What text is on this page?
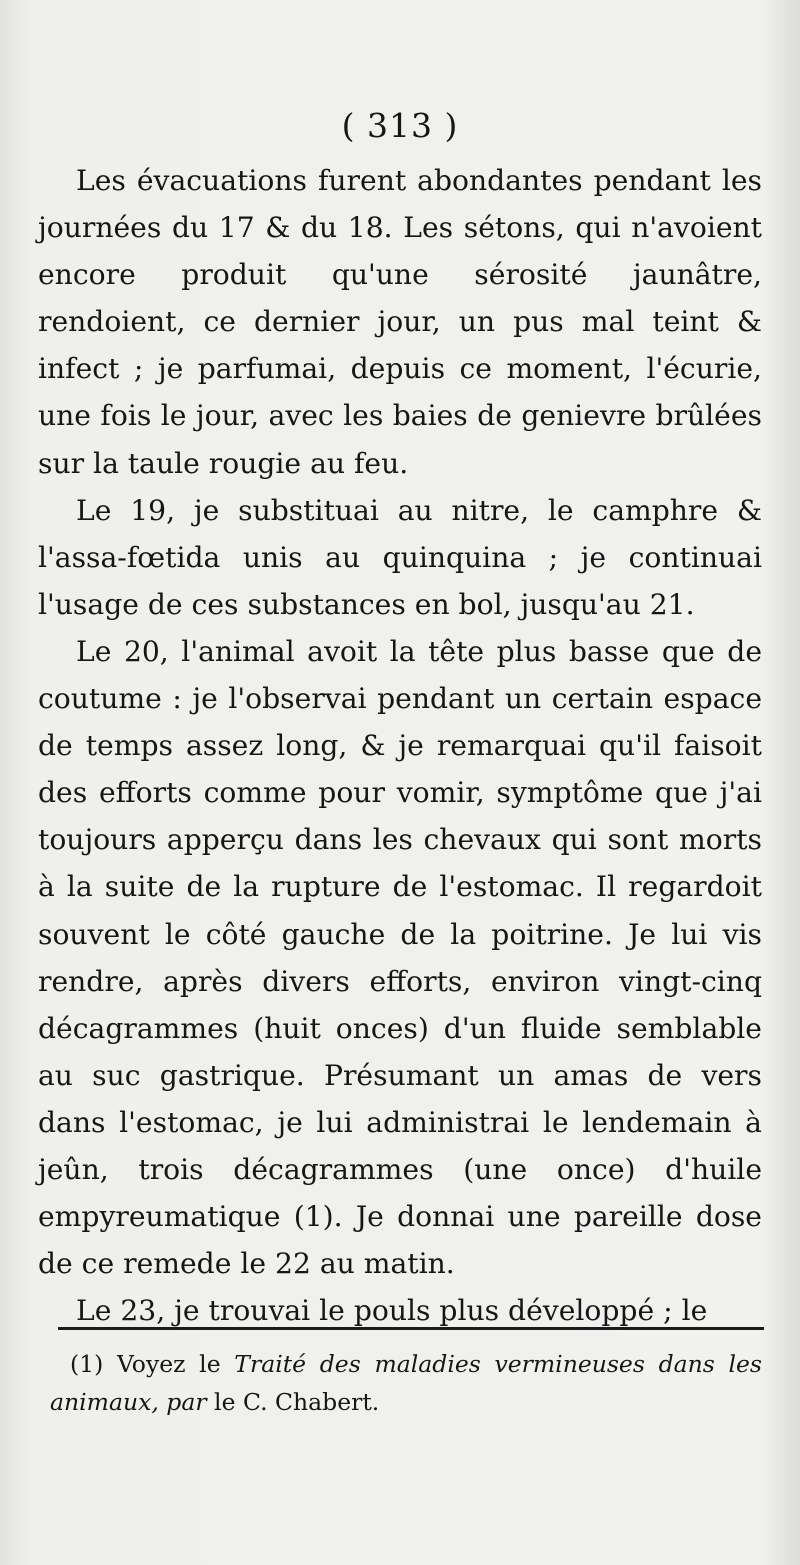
( 313 )

Les évacuations furent abondantes pendant les journées du 17 & du 18. Les sétons, qui n'avoient encore produit qu'une sérosité jaunâtre, rendoient, ce dernier jour, un pus mal teint & infect ; je parfumai, depuis ce moment, l'écurie, une fois le jour, avec les baies de genievre brûlées sur la taule rougie au feu.

Le 19, je substituai au nitre, le camphre & l'assa-fœtida unis au quinquina ; je continuai l'usage de ces substances en bol, jusqu'au 21.

Le 20, l'animal avoit la tête plus basse que de coutume : je l'observai pendant un certain espace de temps assez long, & je remarquai qu'il faisoit des efforts comme pour vomir, symptôme que j'ai toujours apperçu dans les chevaux qui sont morts à la suite de la rupture de l'estomac. Il regardoit souvent le côté gauche de la poitrine. Je lui vis rendre, après divers efforts, environ vingt-cinq décagrammes (huit onces) d'un fluide semblable au suc gastrique. Présumant un amas de vers dans l'estomac, je lui administrai le lendemain à jeûn, trois décagrammes (une once) d'huile empyreumatique (1). Je donnai une pareille dose de ce remede le 22 au matin.

Le 23, je trouvai le pouls plus développé ; le

(1) Voyez le Traité des maladies vermineuses dans les animaux, par le C. Chabert.
